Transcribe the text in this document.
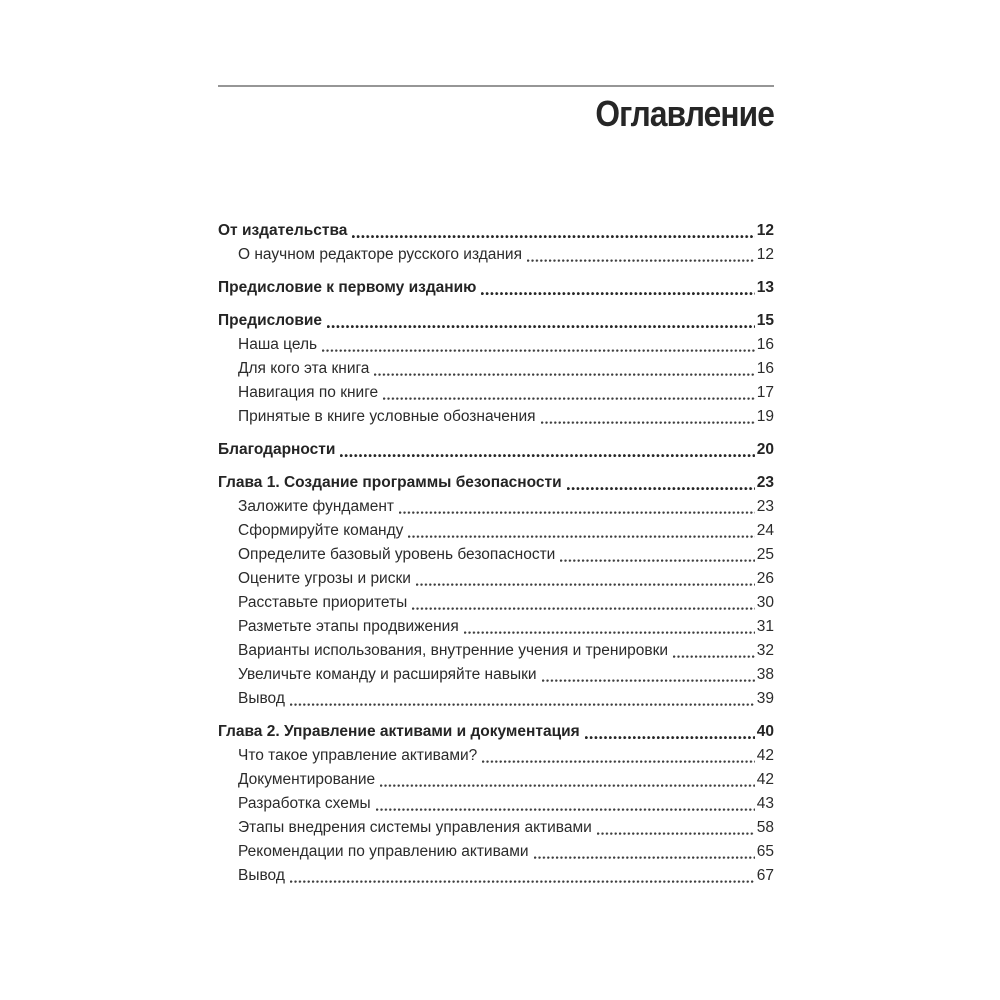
Оглавление
От издательства	12
О научном редакторе русского издания	12
Предисловие к первому изданию	13
Предисловие	15
Наша цель	16
Для кого эта книга	16
Навигация по книге	17
Принятые в книге условные обозначения	19
Благодарности	20
Глава 1. Создание программы безопасности	23
Заложите фундамент	23
Сформируйте команду	24
Определите базовый уровень безопасности	25
Оцените угрозы и риски	26
Расставьте приоритеты	30
Разметьте этапы продвижения	31
Варианты использования, внутренние учения и тренировки	32
Увеличьте команду и расширяйте навыки	38
Вывод	39
Глава 2. Управление активами и документация	40
Что такое управление активами?	42
Документирование	42
Разработка схемы	43
Этапы внедрения системы управления активами	58
Рекомендации по управлению активами	65
Вывод	67
